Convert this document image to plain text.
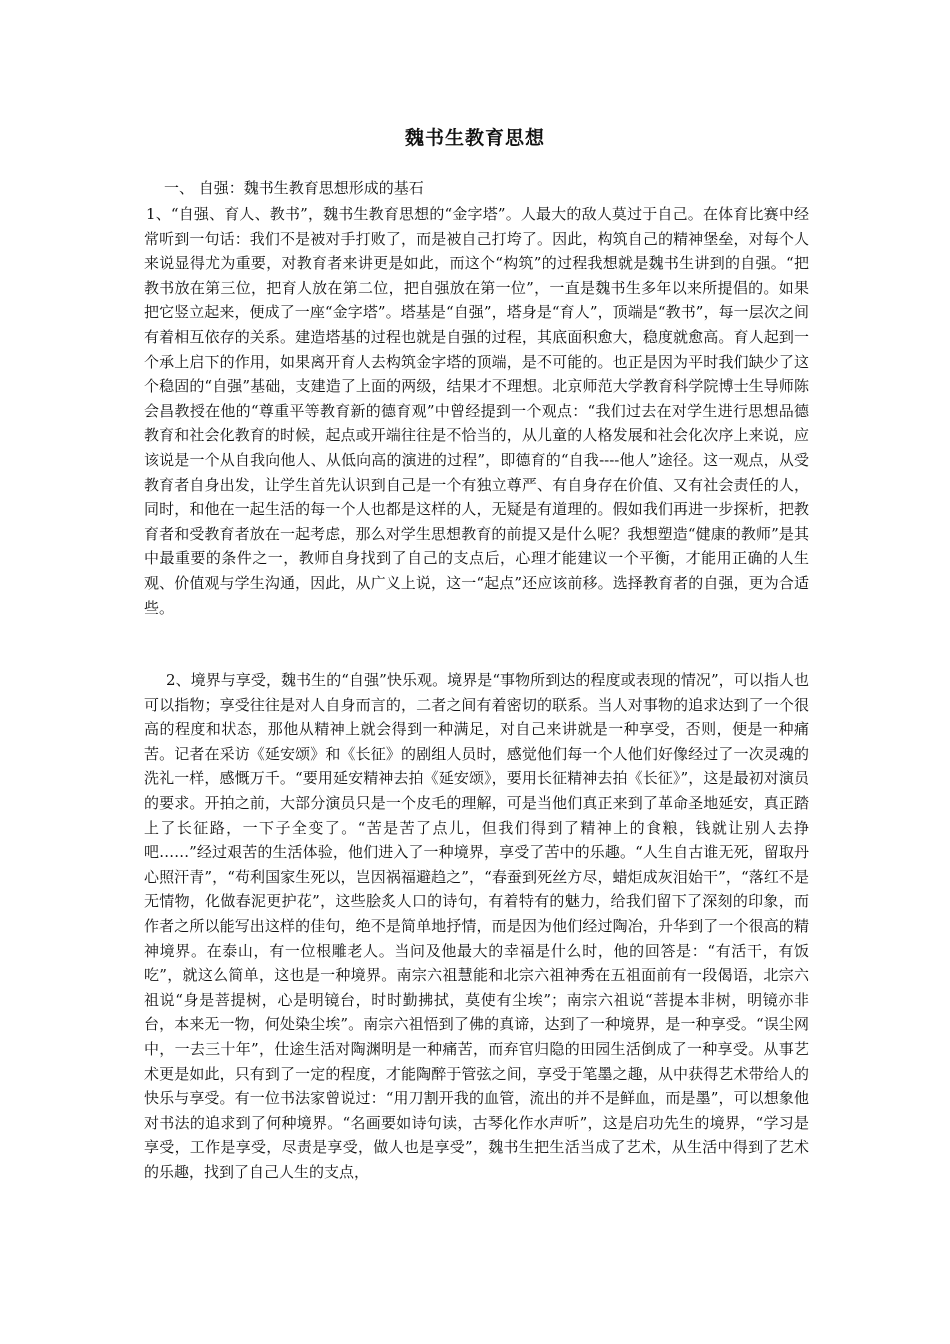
魏书生教育思想
一、 自强：魏书生教育思想形成的基石

1、“自强、育人、教书”，魏书生教育思想的“金字塔”。人最大的敌人莫过于自己。在体育比赛中经常听到一句话：我们不是被对手打败了，而是被自己打垮了。因此，构筑自己的精神堡垒，对每个人来说显得尤为重要，对教育者来讲更是如此，而这个“构筑”的过程我想就是魏书生讲到的自强。“把教书放在第三位，把育人放在第二位，把自强放在第一位”，一直是魏书生多年以来所提倡的。如果把它竖立起来，便成了一座“金字塔”。塔基是“自强”，塔身是“育人”，顶端是“教书”，每一层次之间有着相互依存的关系。建造塔基的过程也就是自强的过程，其底面积愈大，稳度就愈高。育人起到一个承上启下的作用，如果离开育人去构筑金字塔的顶端，是不可能的。也正是因为平时我们缺少了这个稳固的“自强”基础，支建造了上面的两级，结果才不理想。北京师范大学教育科学院博士生导师陈会昌教授在他的“尊重平等教育新的德育观”中曾经提到一个观点：“我们过去在对学生进行思想品德教育和社会化教育的时候，起点或开端往往是不恰当的，从儿童的人格发展和社会化次序上来说，应该说是一个从自我向他人、从低向高的演进的过程”，即德育的“自我----他人”途径。这一观点，从受教育者自身出发，让学生首先认识到自己是一个有独立尊严、有自身存在价值、又有社会责任的人，同时，和他在一起生活的每一个人也都是这样的人，无疑是有道理的。假如我们再进一步探析，把教育者和受教育者放在一起考虑，那么对学生思想教育的前提又是什么呢？我想塑造“健康的教师”是其中最重要的条件之一，教师自身找到了自己的支点后，心理才能建议一个平衡，才能用正确的人生观、价值观与学生沟通，因此，从广义上说，这一“起点”还应该前移。选择教育者的自强，更为合适些。

2、境界与享受，魏书生的“自强”快乐观。境界是“事物所到达的程度或表现的情况”，可以指人也可以指物；享受往往是对人自身而言的，二者之间有着密切的联系。当人对事物的追求达到了一个很高的程度和状态，那他从精神上就会得到一种满足，对自己来讲就是一种享受，否则，便是一种痛苦。记者在采访《延安颂》和《长征》的剧组人员时，感觉他们每一个人他们好像经过了一次灵魂的洗礼一样，感慨万千。“要用延安精神去拍《延安颂》，要用长征精神去拍《长征》”，这是最初对演员的要求。开拍之前，大部分演员只是一个皮毛的理解，可是当他们真正来到了革命圣地延安，真正踏上了长征路，一下子全变了。“苦是苦了点儿，但我们得到了精神上的食粮，钱就让别人去挣吧……”经过艰苦的生活体验，他们进入了一种境界，享受了苦中的乐趣。“人生自古谁无死，留取丹心照汗青”，“苟利国家生死以，岂因祸福避趋之”，“春蚕到死丝方尽，蜡炬成灰泪始干”，“落红不是无情物，化做春泥更护花”，这些脍炙人口的诗句，有着特有的魅力，给我们留下了深刻的印象，而作者之所以能写出这样的佳句，绝不是简单地抒情，而是因为他们经过陶冶，升华到了一个很高的精神境界。在泰山，有一位根雕老人。当问及他最大的幸福是什么时，他的回答是：“有活干，有饭吃”，就这么简单，这也是一种境界。南宗六祖慧能和北宗六祖神秀在五祖面前有一段偈语，北宗六祖说“身是菩提树，心是明镜台，时时勤拂拭，莫使有尘埃”；南宗六祖说“菩提本非树，明镜亦非台，本来无一物，何处染尘埃”。南宗六祖悟到了佛的真谛，达到了一种境界，是一种享受。“误尘网中，一去三十年”，仕途生活对陶渊明是一种痛苦，而弃官归隐的田园生活倒成了一种享受。从事艺术更是如此，只有到了一定的程度，才能陶醉于管弦之间，享受于笔墨之趣，从中获得艺术带给人的快乐与享受。有一位书法家曾说过：“用刀割开我的血管，流出的并不是鲜血，而是墨”，可以想象他对书法的追求到了何种境界。“名画要如诗句读，古琴化作水声听”，这是启功先生的境界，“学习是享受，工作是享受，尽责是享受，做人也是享受”，魏书生把生活当成了艺术，从生活中得到了艺术的乐趣，找到了自己人生的支点，
